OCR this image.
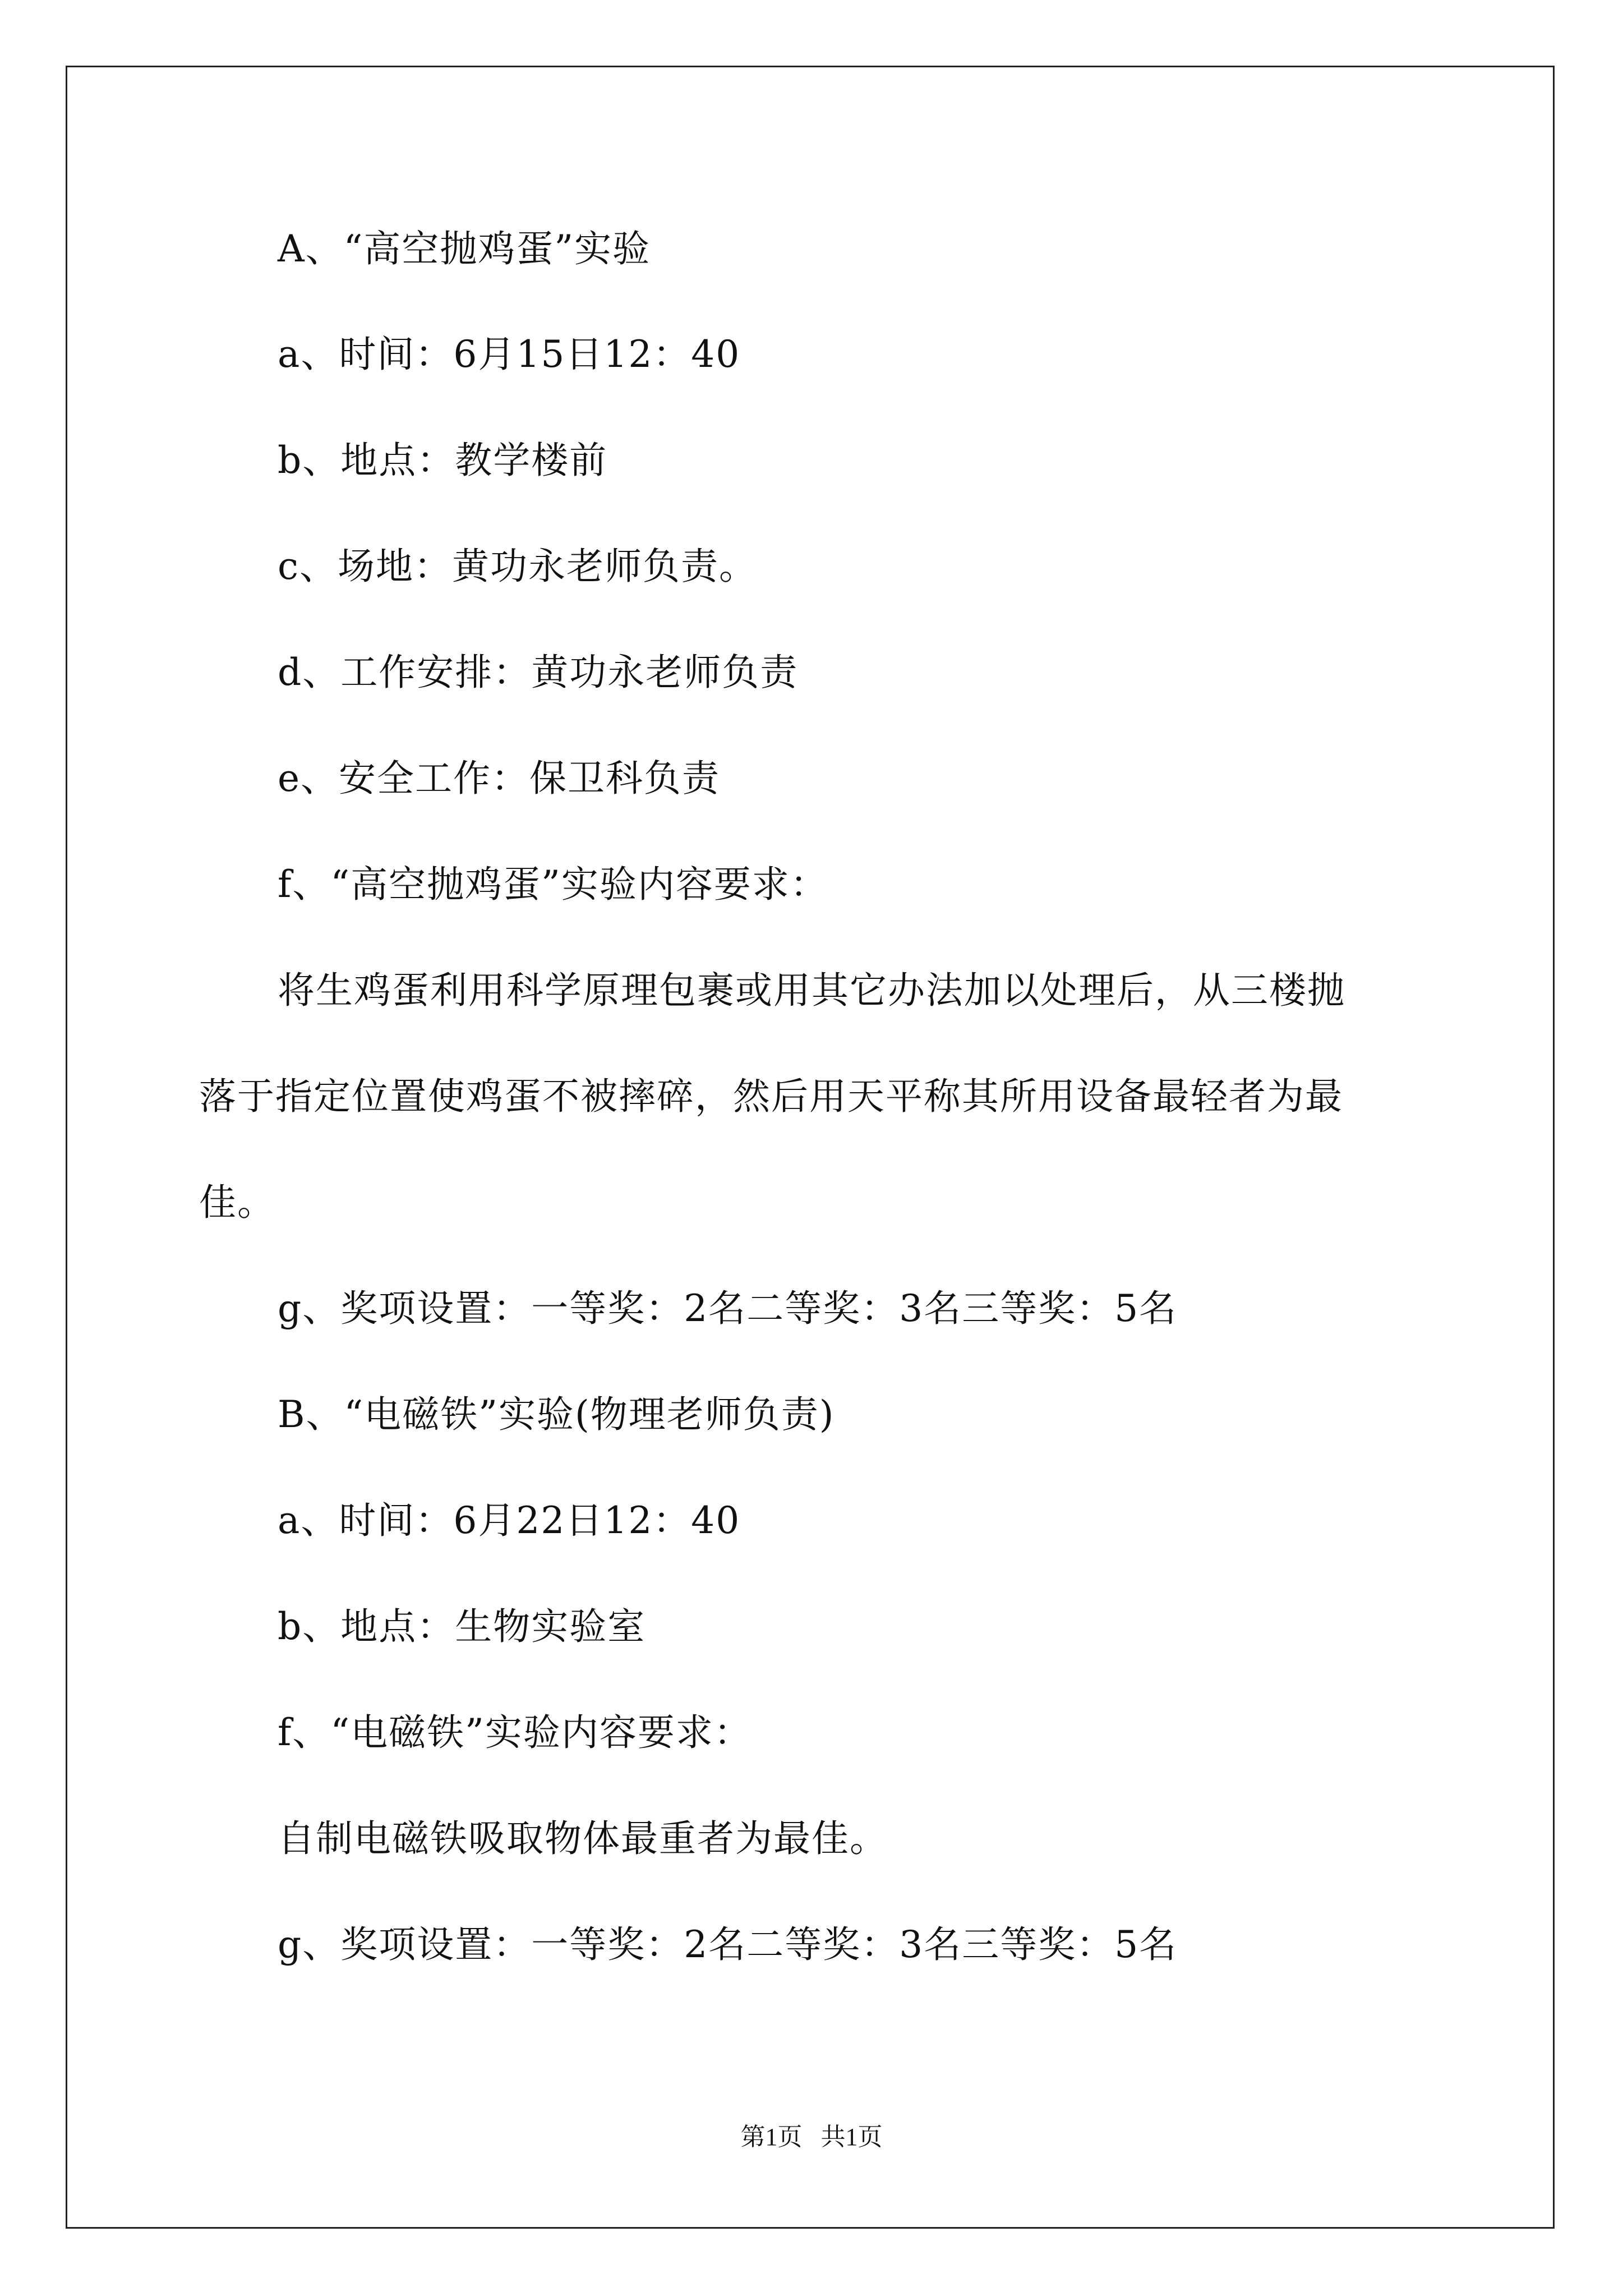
A、“高空抛鸡蛋”实验
a、时间：6月15日12：40
b、地点：教学楼前
c、场地：黄功永老师负责。
d、工作安排：黄功永老师负责
e、安全工作：保卫科负责
f、“高空抛鸡蛋”实验内容要求：
将生鸡蛋利用科学原理包裹或用其它办法加以处理后，从三楼抛
落于指定位置使鸡蛋不被摔碎，然后用天平称其所用设备最轻者为最
佳。
g、奖项设置：一等奖：2名二等奖：3名三等奖：5名
B、“电磁铁”实验(物理老师负责)
a、时间：6月22日12：40
b、地点：生物实验室
f、“电磁铁”实验内容要求：
自制电磁铁吸取物体最重者为最佳。
g、奖项设置：一等奖：2名二等奖：3名三等奖：5名
第1页   共1页
